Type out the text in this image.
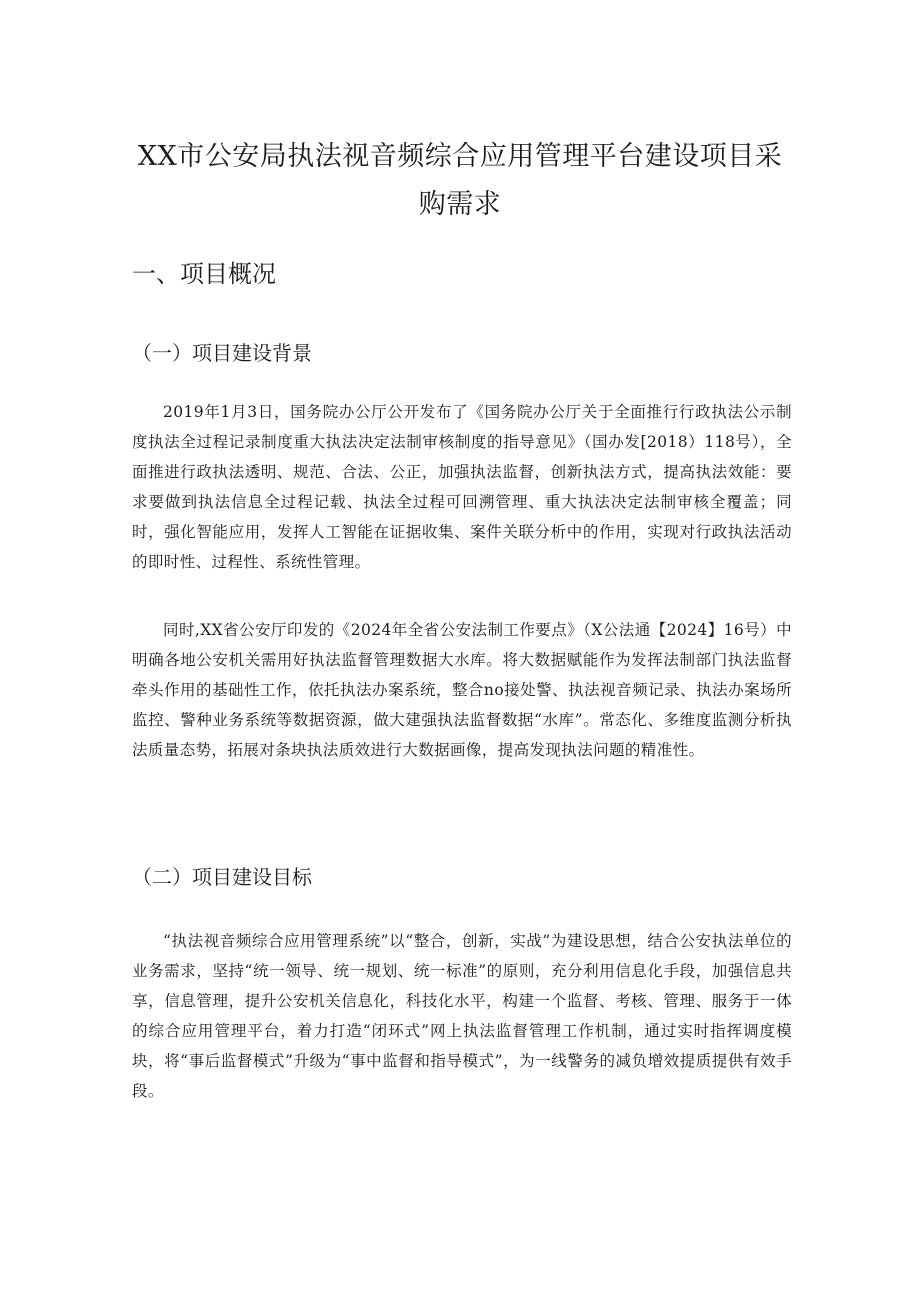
XX市公安局执法视音频综合应用管理平台建设项目采购需求
一、项目概况
（一）项目建设背景

2019年1月3日，国务院办公厅公开发布了《国务院办公厅关于全面推行行政执法公示制度执法全过程记录制度重大执法决定法制审核制度的指导意见》（国办发[2018）118号），全面推进行政执法透明、规范、合法、公正，加强执法监督，创新执法方式，提高执法效能：要求要做到执法信息全过程记载、执法全过程可回溯管理、重大执法决定法制审核全覆盖；同时，强化智能应用，发挥人工智能在证据收集、案件关联分析中的作用，实现对行政执法活动的即时性、过程性、系统性管理。

同时,XX省公安厅印发的《2024年全省公安法制工作要点》（X公法通【2024】16号）中明确各地公安机关需用好执法监督管理数据大水库。将大数据赋能作为发挥法制部门执法监督牵头作用的基础性工作，依托执法办案系统，整合no接处警、执法视音频记录、执法办案场所监控、警种业务系统等数据资源，做大建强执法监督数据“水库”。常态化、多维度监测分析执法质量态势，拓展对条块执法质效进行大数据画像，提高发现执法问题的精准性。

（二）项目建设目标

“执法视音频综合应用管理系统”以“整合，创新，实战”为建设思想，结合公安执法单位的业务需求，坚持“统一领导、统一规划、统一标准”的原则，充分利用信息化手段，加强信息共享，信息管理，提升公安机关信息化，科技化水平，构建一个监督、考核、管理、服务于一体的综合应用管理平台，着力打造“闭环式”网上执法监督管理工作机制，通过实时指挥调度模块，将“事后监督模式”升级为“事中监督和指导模式”，为一线警务的减负增效提质提供有效手段。
